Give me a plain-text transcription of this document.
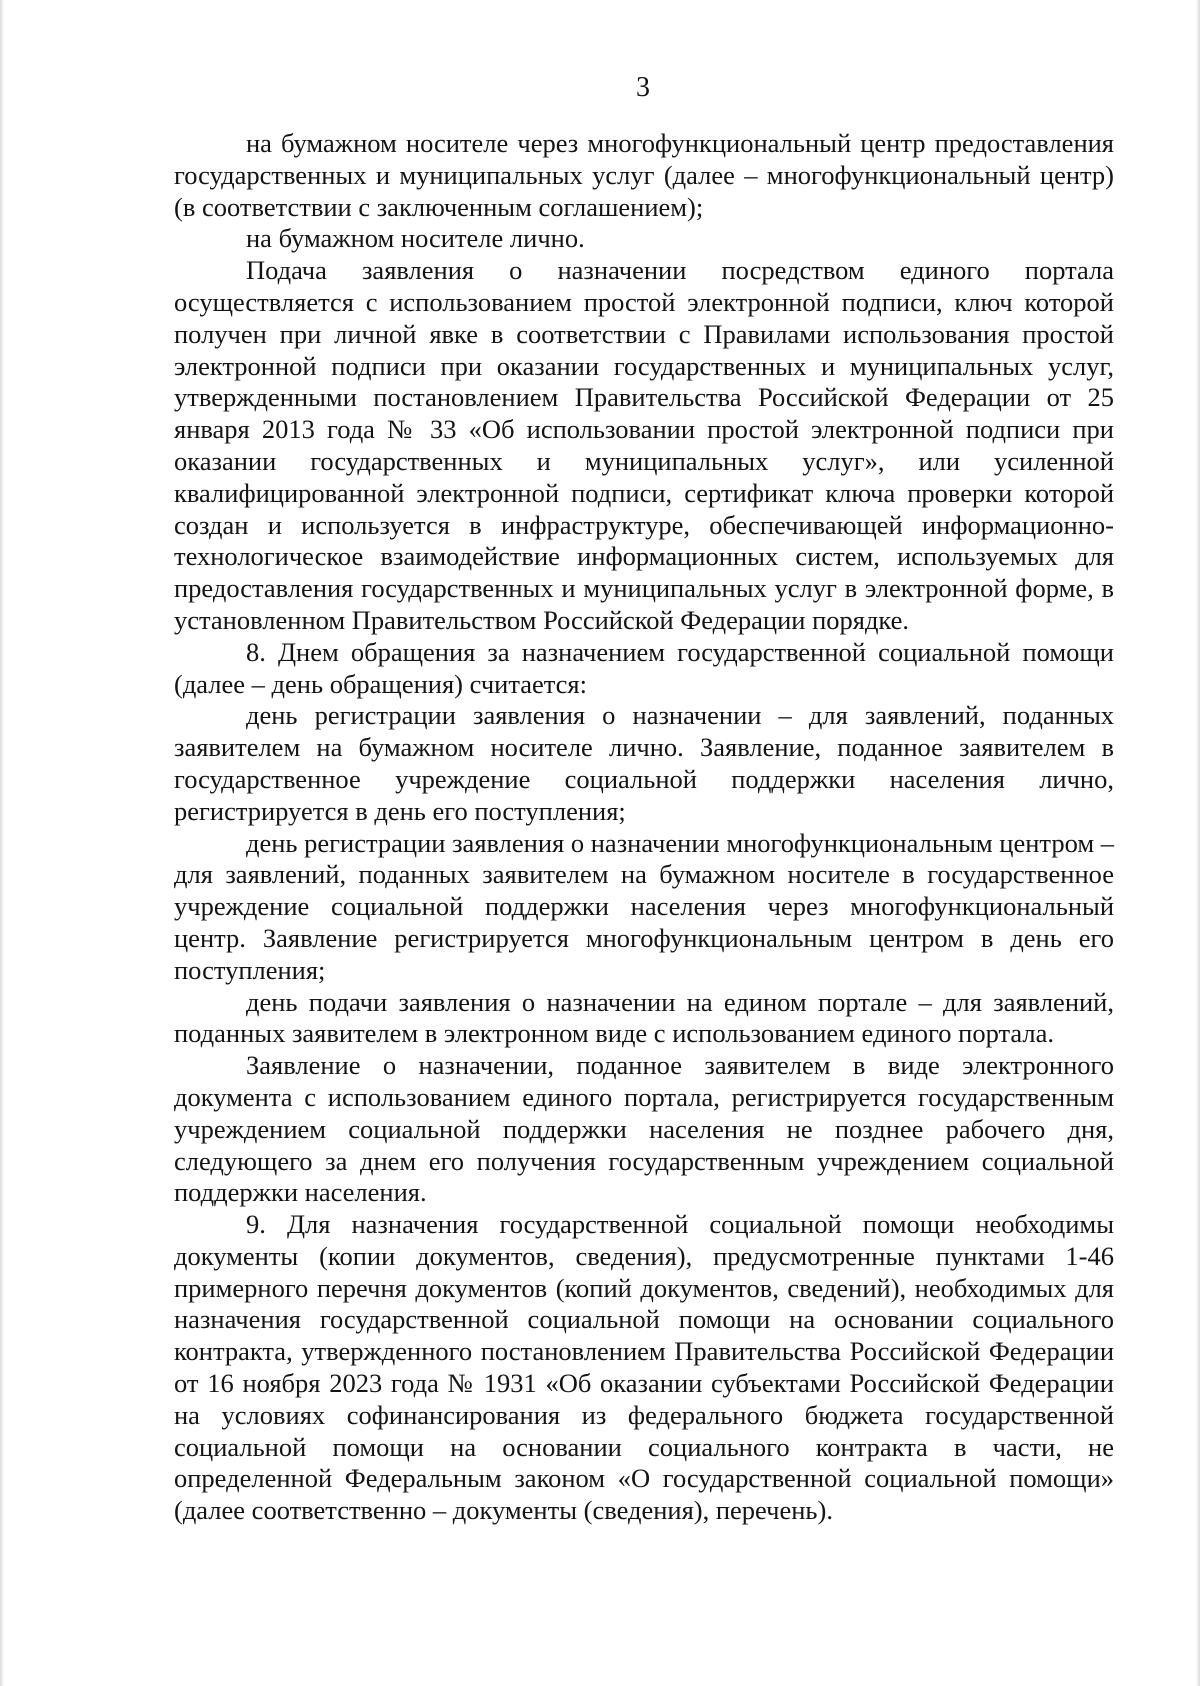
3

на бумажном носителе через многофункциональный центр предоставления государственных и муниципальных услуг (далее – многофункциональный центр) (в соответствии с заключенным соглашением);

на бумажном носителе лично.

Подача заявления о назначении посредством единого портала осуществляется с использованием простой электронной подписи, ключ которой получен при личной явке в соответствии с Правилами использования простой электронной подписи при оказании государственных и муниципальных услуг, утвержденными постановлением Правительства Российской Федерации от 25 января 2013 года № 33 «Об использовании простой электронной подписи при оказании государственных и муниципальных услуг», или усиленной квалифицированной электронной подписи, сертификат ключа проверки которой создан и используется в инфраструктуре, обеспечивающей информационно-технологическое взаимодействие информационных систем, используемых для предоставления государственных и муниципальных услуг в электронной форме, в установленном Правительством Российской Федерации порядке.

8. Днем обращения за назначением государственной социальной помощи (далее – день обращения) считается:

день регистрации заявления о назначении – для заявлений, поданных заявителем на бумажном носителе лично. Заявление, поданное заявителем в государственное учреждение социальной поддержки населения лично, регистрируется в день его поступления;

день регистрации заявления о назначении многофункциональным центром – для заявлений, поданных заявителем на бумажном носителе в государственное учреждение социальной поддержки населения через многофункциональный центр. Заявление регистрируется многофункциональным центром в день его поступления;

день подачи заявления о назначении на едином портале – для заявлений, поданных заявителем в электронном виде с использованием единого портала.

Заявление о назначении, поданное заявителем в виде электронного документа с использованием единого портала, регистрируется государственным учреждением социальной поддержки населения не позднее рабочего дня, следующего за днем его получения государственным учреждением социальной поддержки населения.

9. Для назначения государственной социальной помощи необходимы документы (копии документов, сведения), предусмотренные пунктами 1-46 примерного перечня документов (копий документов, сведений), необходимых для назначения государственной социальной помощи на основании социального контракта, утвержденного постановлением Правительства Российской Федерации от 16 ноября 2023 года № 1931 «Об оказании субъектами Российской Федерации на условиях софинансирования из федерального бюджета государственной социальной помощи на основании социального контракта в части, не определенной Федеральным законом «О государственной социальной помощи» (далее соответственно – документы (сведения), перечень).
